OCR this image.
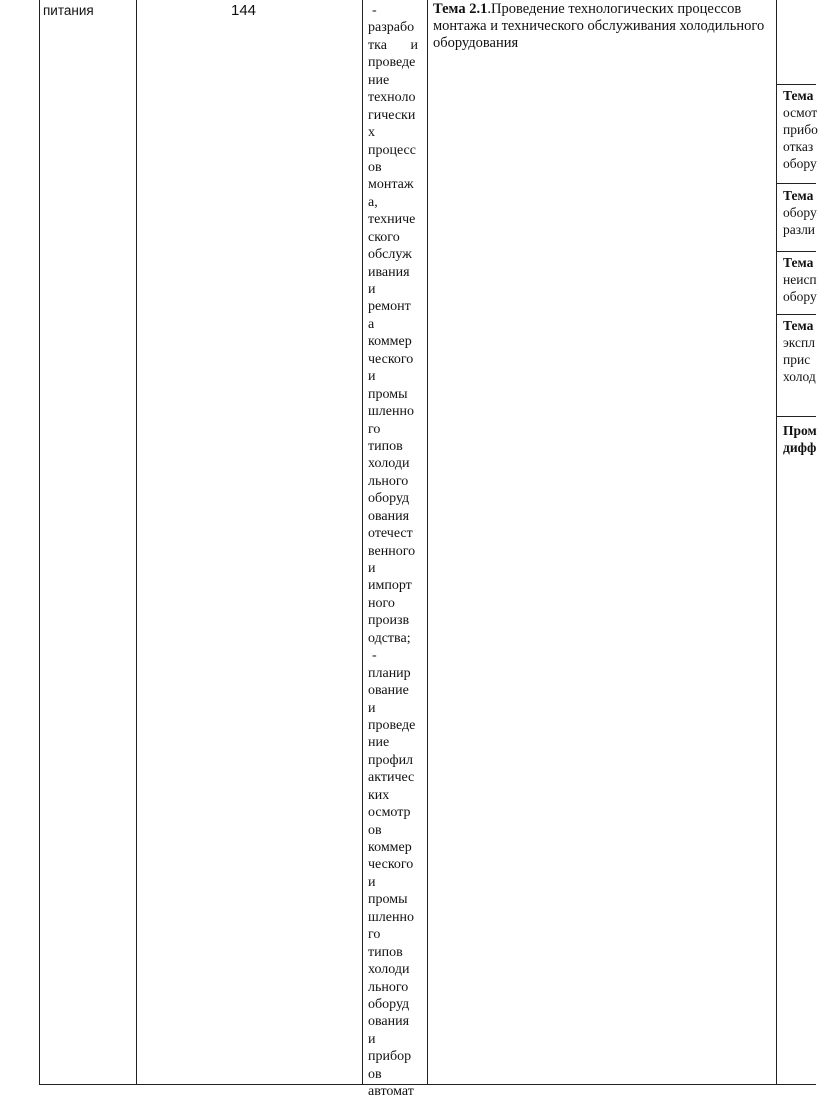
питания	144	-
разрабо
тка и
проведе
ние
техноло
гически
х
процесс
ов
монтаж
а,
техниче
ского
обслуж
ивания
и
ремонт
а
коммер
ческого
и
промы
шленно
го
типов
холоди
льного
оборуд
ования
отечест
венного
и
импорт
ного
произв
одства;
-
планир
ование
и
проведе
ние
профил
актичес
ких
осмотр
ов
коммер
ческого
и
промы
шленно
го
типов
холоди
льного
оборуд
ования
и
прибор
ов
автомат
Тема 2.1.Проведение технологических процессов монтажа и технического обслуживания холодильного оборудования
Тема
осмот
прибо
отказ
обору
Тема
обору
разли
Тема
неисп
обору
Тема
экспл
прис
холод
Пром
дифф
